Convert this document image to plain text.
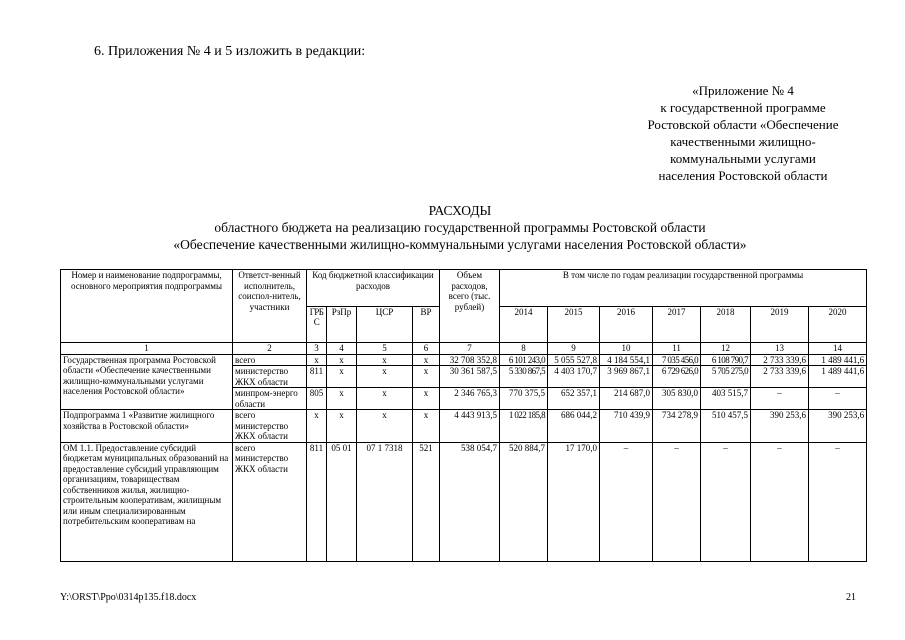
6. Приложения № 4 и 5 изложить в редакции:
«Приложение № 4
к государственной программе
Ростовской области «Обеспечение
качественными жилищно-
коммунальными услугами
населения Ростовской области
РАСХОДЫ
областного бюджета на реализацию государственной программы Ростовской области
«Обеспечение качественными жилищно-коммунальными услугами населения Ростовской области»
Номер и наименование подпрограммы, основного мероприятия подпрограммы	Ответст-венный исполнитель, соиспол-нитель, участники	Код бюджетной классификации расходов				Объем расходов, всего (тыс. рублей)	В том числе по годам реализации государственной программы						
		ГРБС	РзПр	ЦСР	ВР		2014	2015	2016	2017	2018	2019	2020
1	2	3	4	5	6	7	8	9	10	11	12	13	14
Государственная программа Ростовской области «Обеспечение качественными жилищно-коммунальными услугами населения Ростовской области»	всего	x	x	x	x	32 708 352,8	6 101 243,0	5 055 527,8	4 184 554,1	7 035 456,0	6 108 790,7	2 733 339,6	1 489 441,6
	министерство ЖКХ области	811	x	x	x	30 361 587,5	5 330 867,5	4 403 170,7	3 969 867,1	6 729 626,0	5 705 275,0	2 733 339,6	1 489 441,6
	минпром-энерго области	805	x	x	x	2 346 765,3	770 375,5	652 357,1	214 687,0	305 830,0	403 515,7	–	–
Подпрограмма 1 «Развитие жилищного хозяйства в Ростовской области»	всего министерство ЖКХ области	x	x	x	x	4 443 913,5	1 022 185,8	686 044,2	710 439,9	734 278,9	510 457,5	390 253,6	390 253,6
ОМ 1.1. Предоставление субсидий бюджетам муниципальных образований на предоставление субсидий управляющим организациям, товариществам собственников жилья, жилищно-строительным кооперативам, жилищным или иным специализированным потребительским кооперативам на	всего министерство ЖКХ области	811	05 01	07 1 7318	521	538 054,7	520 884,7	17 170,0	–	–	–	–	–
Y:\ORST\Ppo\0314p135.f18.docx	21
